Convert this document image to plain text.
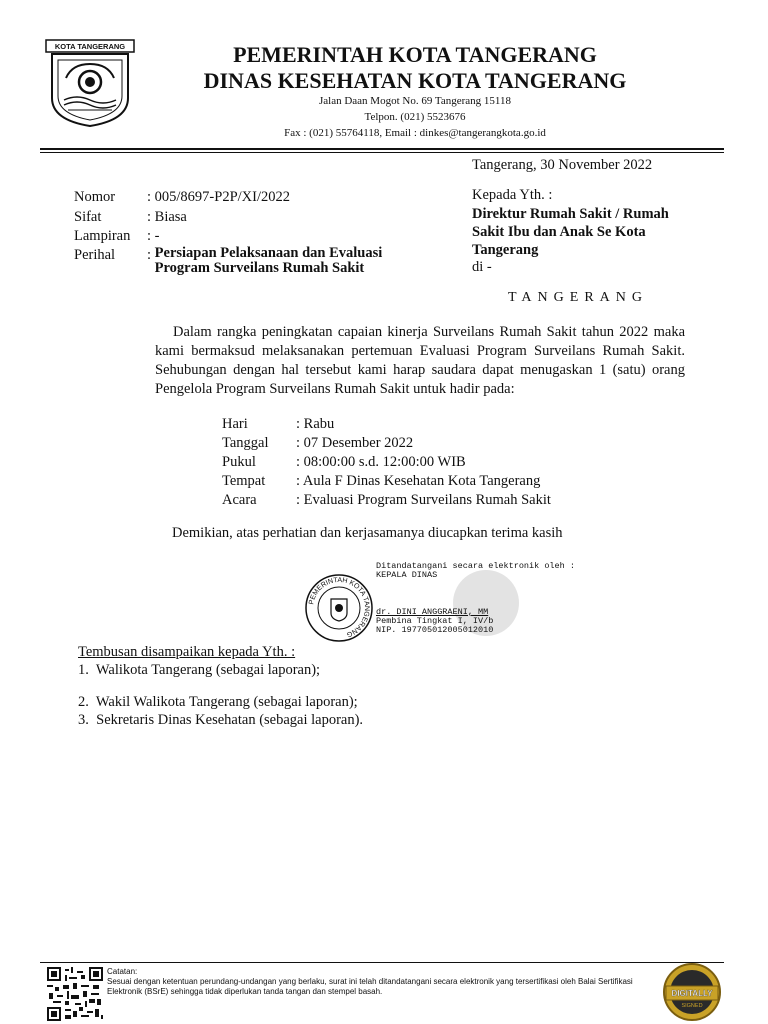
KOTA TANGERANG	PEMERINTAH KOTA TANGERANG
DINAS KESEHATAN KOTA TANGERANG
Jalan Daan Mogot No. 69 Tangerang 15118
Telpon. (021) 5523676
Fax : (021) 55764118, Email : dinkes@tangerangkota.go.id
Tangerang, 30 November 2022
Nomor : 005/8697-P2P/XI/2022
Sifat	: Biasa
Lampiran : -
Perihal : Persiapan Pelaksanaan dan Evaluasi Program Surveilans Rumah Sakit
Kepada Yth. :
Direktur Rumah Sakit / Rumah Sakit Ibu dan Anak Se Kota Tangerang
di -
TANGERANG
Dalam rangka peningkatan capaian kinerja Surveilans Rumah Sakit tahun 2022 maka kami bermaksud melaksanakan pertemuan Evaluasi Program Surveilans Rumah Sakit. Sehubungan dengan hal tersebut kami harap saudara dapat menugaskan 1 (satu) orang Pengelola Program Surveilans Rumah Sakit untuk hadir pada:
Hari	: Rabu
Tanggal : 07 Desember 2022
Pukul	: 08:00:00 s.d. 12:00:00 WIB
Tempat : Aula F Dinas Kesehatan Kota Tangerang
Acara	: Evaluasi Program Surveilans Rumah Sakit
Demikian, atas perhatian dan kerjasamanya diucapkan terima kasih
PEMERINTAH KOTA TANGERANG
Ditandatangani secara elektronik oleh :
KEPALA DINAS
dr. DINI ANGGRAENI, MM
Pembina Tingkat I, IV/b
NIP. 197705012005012010
Tembusan disampaikan kepada Yth. :
1.  Walikota Tangerang (sebagai laporan);
2.  Wakil Walikota Tangerang (sebagai laporan);
3.  Sekretaris Dinas Kesehatan (sebagai laporan).
Catatan:
Sesuai dengan ketentuan perundang-undangan yang berlaku, surat ini telah ditandatangani secara elektronik yang tersertifikasi oleh Balai Sertifikasi Elektronik (BSrE) sehingga tidak diperlukan tanda tangan dan stempel basah.	DIGITALLY
SIGNED
